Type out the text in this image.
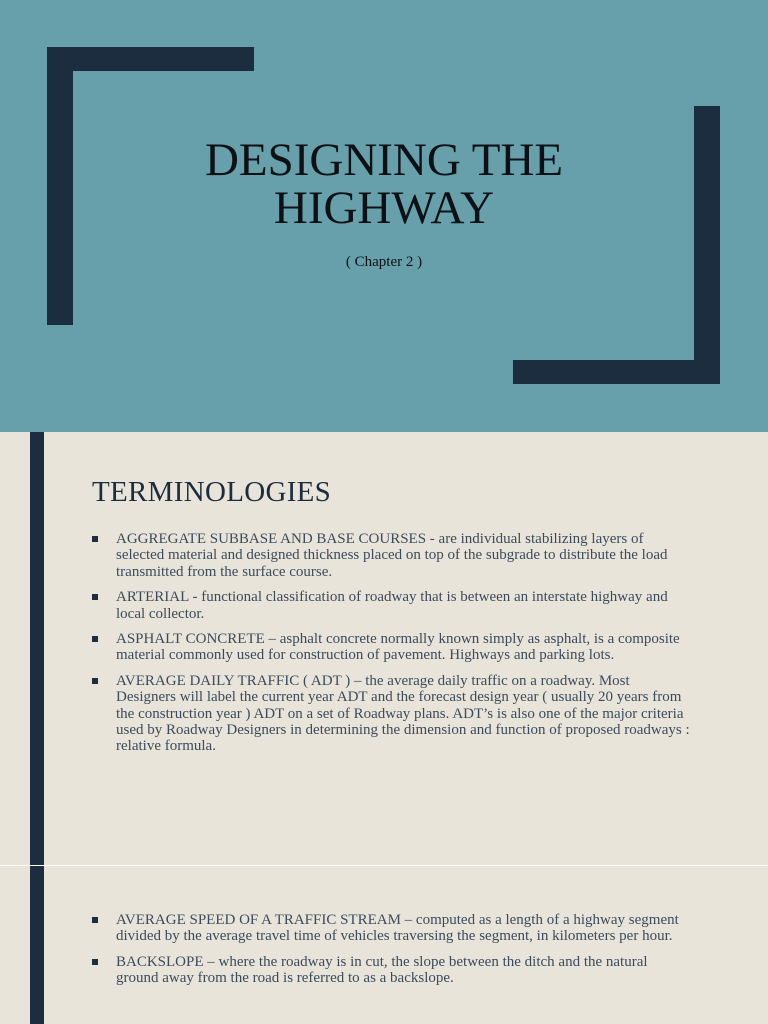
DESIGNING THE
HIGHWAY
( Chapter 2 )
TERMINOLOGIES
AGGREGATE SUBBASE AND BASE COURSES - are individual stabilizing layers of selected material and designed thickness placed on top of the subgrade to distribute the load transmitted from the surface course.
ARTERIAL - functional classification of roadway that is between an interstate highway and local collector.
ASPHALT CONCRETE – asphalt concrete normally known simply as asphalt, is a composite material commonly used for construction of pavement. Highways and parking lots.
AVERAGE DAILY TRAFFIC ( ADT ) – the average daily traffic on a roadway. Most Designers will label the current year ADT and the forecast design year ( usually 20 years from the construction year ) ADT on a set of Roadway plans. ADT’s is also one of the major criteria used by Roadway Designers in determining the dimension and function of proposed roadways : relative formula.
AVERAGE SPEED OF A TRAFFIC STREAM – computed as a length of a highway segment divided by the average travel time of vehicles traversing the segment, in kilometers per hour.
BACKSLOPE – where the roadway is in cut, the slope between the ditch and the natural ground away from the road is referred to as a backslope.
